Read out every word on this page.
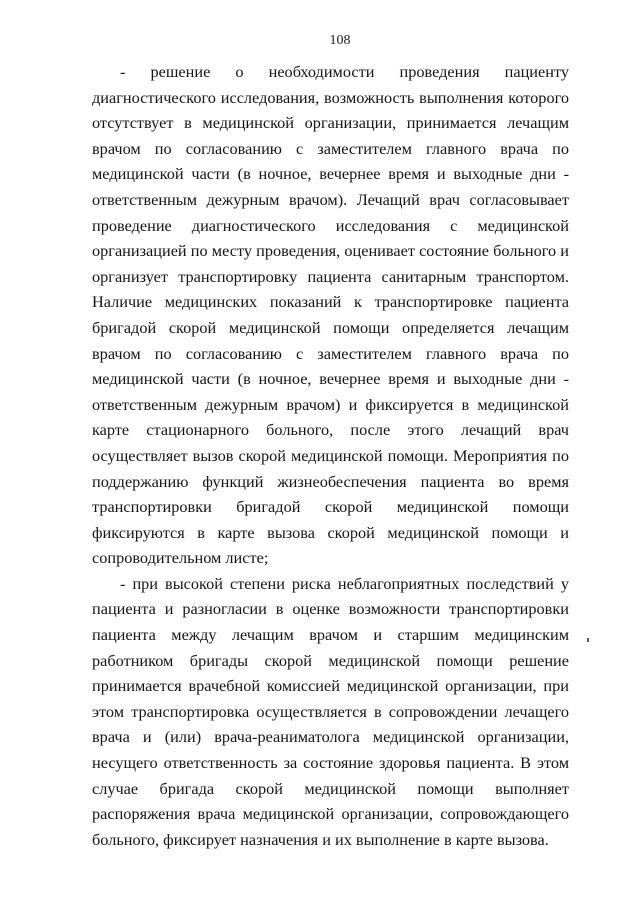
108

- решение о необходимости проведения пациенту диагностического исследования, возможность выполнения которого отсутствует в медицинской организации, принимается лечащим врачом по согласованию с заместителем главного врача по медицинской части (в ночное, вечернее время и выходные дни - ответственным дежурным врачом). Лечащий врач согласовывает проведение диагностического исследования с медицинской организацией по месту проведения, оценивает состояние больного и организует транспортировку пациента санитарным транспортом. Наличие медицинских показаний к транспортировке пациента бригадой скорой медицинской помощи определяется лечащим врачом по согласованию с заместителем главного врача по медицинской части (в ночное, вечернее время и выходные дни - ответственным дежурным врачом) и фиксируется в медицинской карте стационарного больного, после этого лечащий врач осуществляет вызов скорой медицинской помощи. Мероприятия по поддержанию функций жизнеобеспечения пациента во время транспортировки бригадой скорой медицинской помощи фиксируются в карте вызова скорой медицинской помощи и сопроводительном листе;

- при высокой степени риска неблагоприятных последствий у пациента и разногласии в оценке возможности транспортировки пациента между лечащим врачом и старшим медицинским работником бригады скорой медицинской помощи решение принимается врачебной комиссией медицинской организации, при этом транспортировка осуществляется в сопровождении лечащего врача и (или) врача-реаниматолога медицинской организации, несущего ответственность за состояние здоровья пациента. В этом случае бригада скорой медицинской помощи выполняет распоряжения врача медицинской организации, сопровождающего больного, фиксирует назначения и их выполнение в карте вызова.
